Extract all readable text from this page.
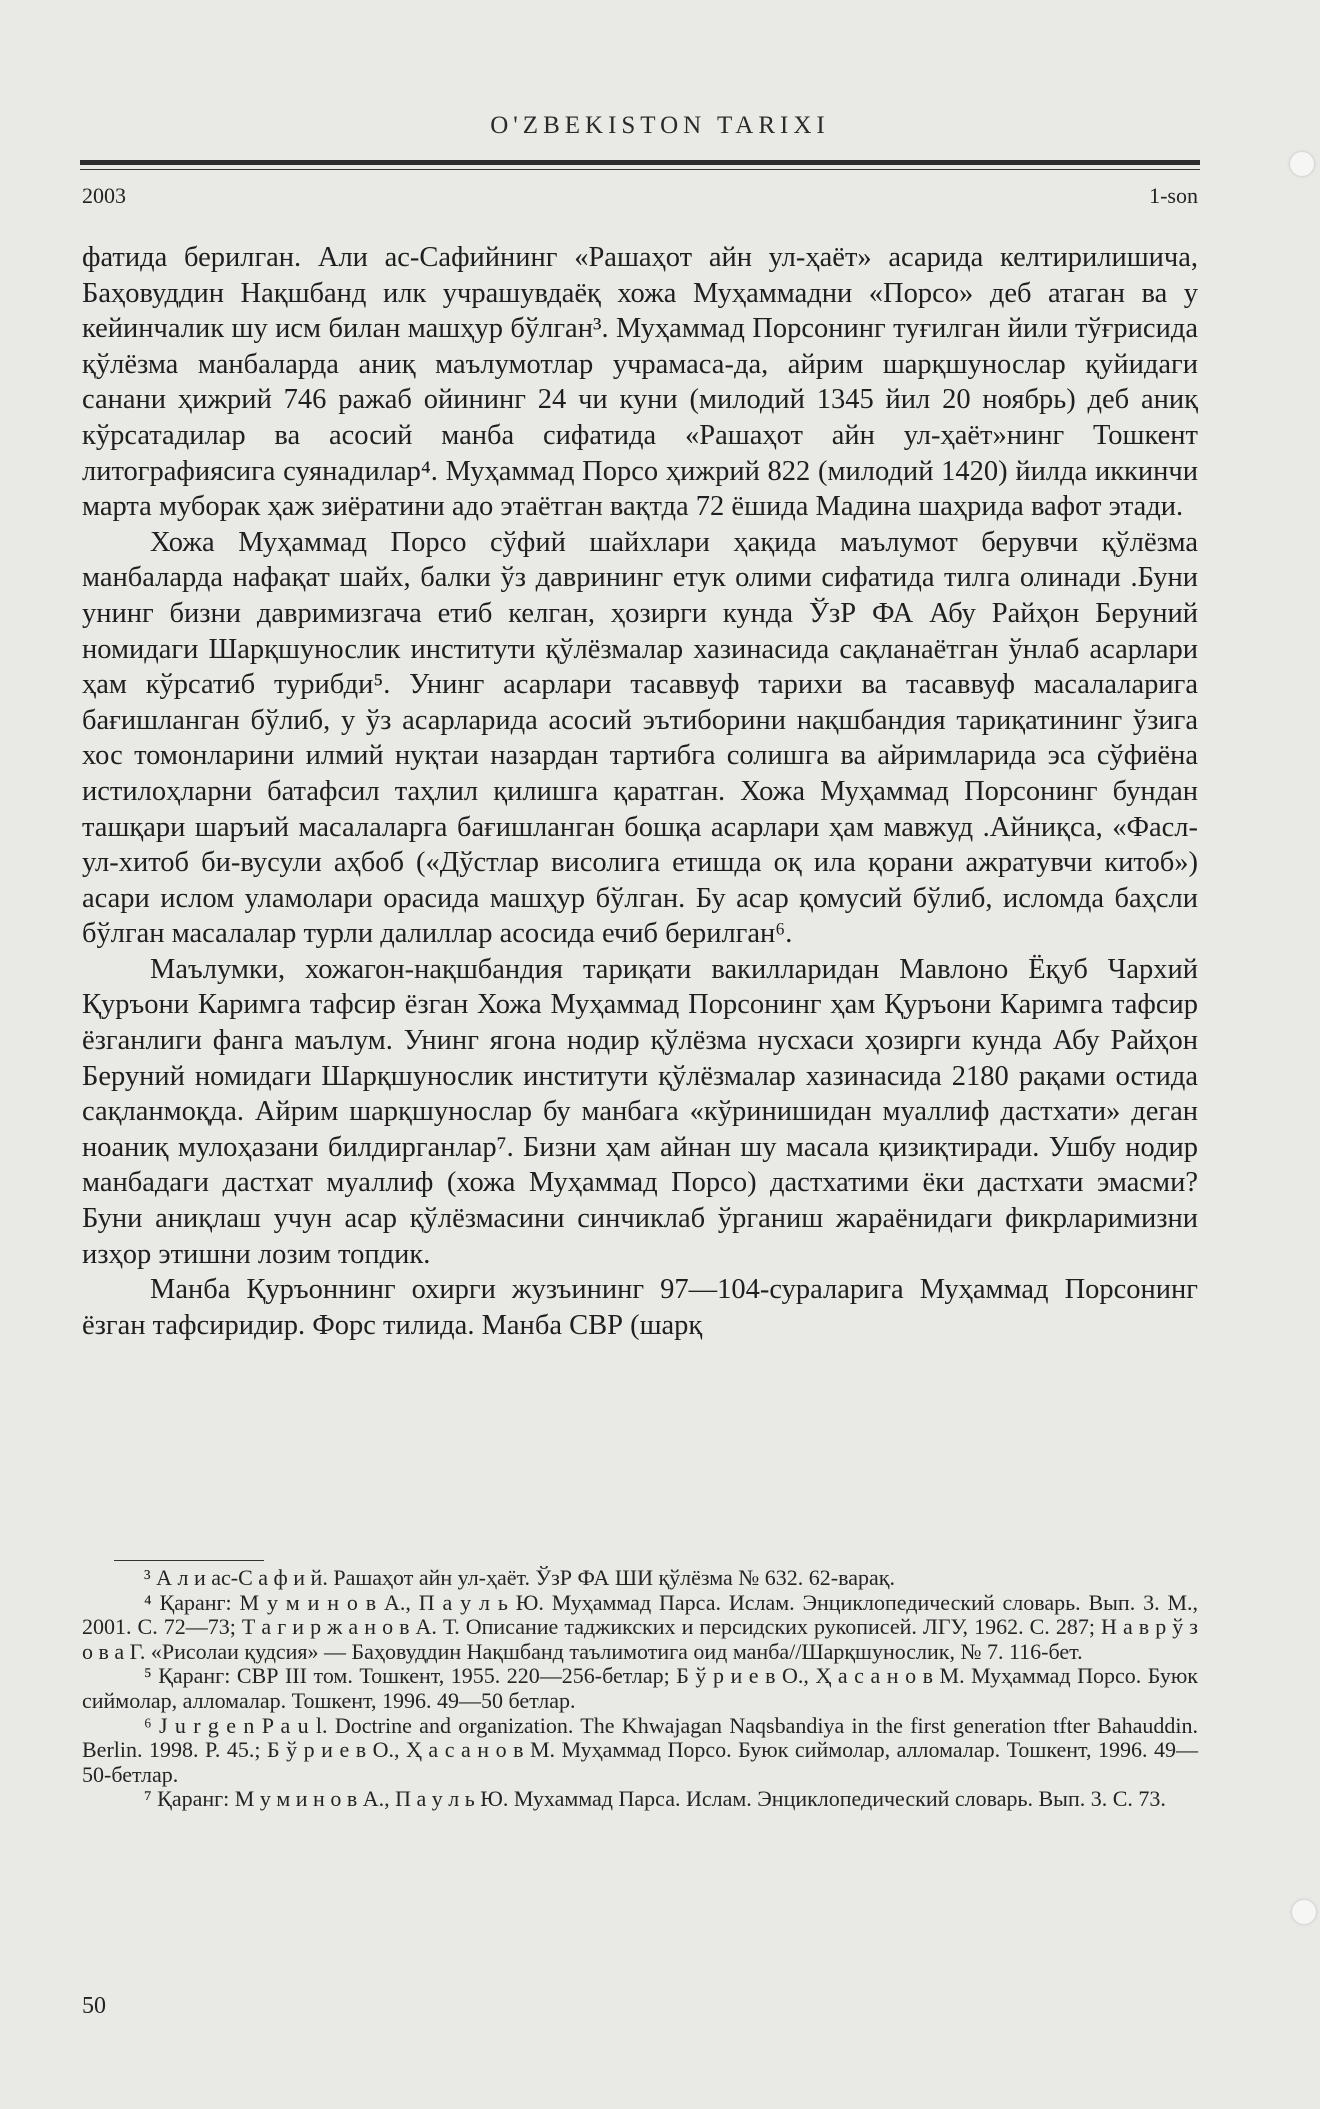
O'ZBEKISTON TARIXI
2003	1-son

фатида берилган. Али ас-Сафийнинг «Рашаҳот айн ул-ҳаёт» асарида келтирилишича, Баҳовуддин Нақшбанд илк учрашувдаёқ хожа Муҳаммадни «Порсо» деб атаган ва у кейинчалик шу исм билан машҳур бўлган³. Муҳаммад Порсонинг туғилган йили тўғрисида қўлёзма манбаларда аниқ маълумотлар учрамаса-да, айрим шарқшунослар қуйидаги санани ҳижрий 746 ражаб ойининг 24 чи куни (милодий 1345 йил 20 ноябрь) деб аниқ кўрсатадилар ва асосий манба сифатида «Рашаҳот айн ул-ҳаёт»нинг Тошкент литографиясига суянадилар⁴. Муҳаммад Порсо ҳижрий 822 (милодий 1420) йилда иккинчи марта муборак ҳаж зиёратини адо этаётган вақтда 72 ёшида Мадина шаҳрида вафот этади.

Хожа Муҳаммад Порсо сўфий шайхлари ҳақида маълумот берувчи қўлёзма манбаларда нафақат шайх, балки ўз даврининг етук олими сифатида тилга олинади .Буни унинг бизни давримизгача етиб келган, ҳозирги кунда ЎзР ФА Абу Райҳон Беруний номидаги Шарқшунослик институти қўлёзмалар хазинасида сақланаётган ўнлаб асарлари ҳам кўрсатиб турибди⁵. Унинг асарлари тасаввуф тарихи ва тасаввуф масалаларига бағишланган бўлиб, у ўз асарларида асосий эътиборини нақшбандия тариқатининг ўзига хос томонларини илмий нуқтаи назардан тартибга солишга ва айримларида эса сўфиёна истилоҳларни батафсил таҳлил қилишга қаратган. Хожа Муҳаммад Порсонинг бундан ташқари шаръий масалаларга бағишланган бошқа асарлари ҳам мавжуд .Айниқса, «Фасл-ул-хитоб би-вусули аҳбоб («Дўстлар висолига етишда оқ ила қорани ажратувчи китоб») асари ислом уламолари орасида машҳур бўлган. Бу асар қомусий бўлиб, исломда баҳсли бўлган масалалар турли далиллар асосида ечиб берилган⁶.

Маълумки, хожагон-нақшбандия тариқати вакилларидан Мавлоно Ёқуб Чархий Қуръони Каримга тафсир ёзган Хожа Муҳаммад Порсонинг ҳам Қуръони Каримга тафсир ёзганлиги фанга маълум. Унинг ягона нодир қўлёзма нусхаси ҳозирги кунда Абу Райҳон Беруний номидаги Шарқшунослик институти қўлёзмалар хазинасида 2180 рақами остида сақланмоқда. Айрим шарқшунослар бу манбага «кўринишидан муаллиф дастхати» деган ноаниқ мулоҳазани билдирганлар⁷. Бизни ҳам айнан шу масала қизиқтиради. Ушбу нодир манбадаги дастхат муаллиф (хожа Муҳаммад Порсо) дастхатими ёки дастхати эмасми? Буни аниқлаш учун асар қўлёзмасини синчиклаб ўрганиш жараёнидаги фикрларимизни изҳор этишни лозим топдик.

Манба Қуръоннинг охирги жузъининг 97—104-сураларига Муҳаммад Порсонинг ёзган тафсиридир. Форс тилида. Манба СВР (шарқ

³ А л и ас-С а ф и й. Рашаҳот айн ул-ҳаёт. ЎзР ФА ШИ қўлёзма № 632. 62-варақ.

⁴ Қаранг: М у м и н о в А., П а у л ь Ю. Муҳаммад Парса. Ислам. Энциклопедический словарь. Вып. 3. М., 2001. С. 72—73; Т а г и р ж а н о в А. Т. Описание таджикских и персидских рукописей. ЛГУ, 1962. С. 287; Н а в р ў з о в а Г. «Рисолаи қудсия» — Баҳовуддин Нақшбанд таълимотига оид манба//Шарқшунослик, № 7. 116-бет.

⁵ Қаранг: СВР III том. Тошкент, 1955. 220—256-бетлар; Б ў р и е в О., Ҳ а с а н о в М. Муҳаммад Порсо. Буюк сиймолар, алломалар. Тошкент, 1996. 49—50 бетлар.

⁶ J u r g e n P a u l. Doctrine and organization. The Khwajagan Naqsbandiya in the first generation tfter Bahauddin. Berlin. 1998. P. 45.; Б ў р и е в О., Ҳ а с а н о в М. Муҳаммад Порсо. Буюк сиймолар, алломалар. Тошкент, 1996. 49—50-бетлар.

⁷ Қаранг: М у м и н о в А., П а у л ь Ю. Мухаммад Парса. Ислам. Энциклопедический словарь. Вып. 3. С. 73.

50
